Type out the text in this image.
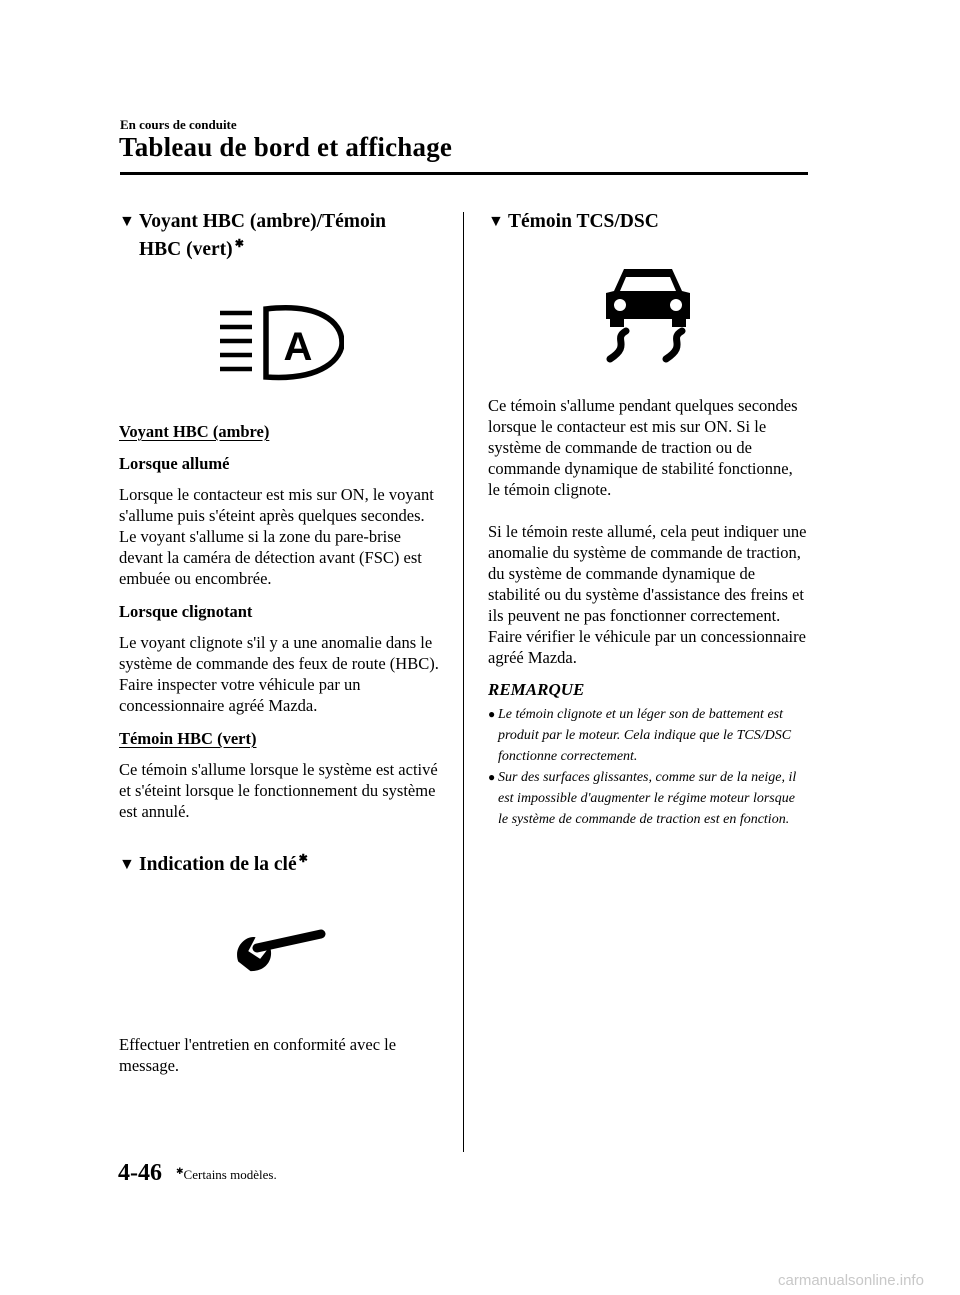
En cours de conduite
Tableau de bord et affichage
▼ Voyant HBC (ambre)/Témoin
HBC (vert) ✱
A
Voyant HBC (ambre)
Lorsque allumé

Lorsque le contacteur est mis sur ON, le voyant s'allume puis s'éteint après quelques secondes. Le voyant s'allume si la zone du pare-brise devant la caméra de détection avant (FSC) est embuée ou encombrée.

Lorsque clignotant

Le voyant clignote s'il y a une anomalie dans le système de commande des feux de route (HBC). Faire inspecter votre véhicule par un concessionnaire agréé Mazda.

Témoin HBC (vert)

Ce témoin s'allume lorsque le système est activé et s'éteint lorsque le fonctionnement du système est annulé.

▼ Indication de la clé ✱

Effectuer l'entretien en conformité avec le message.

▼ Témoin TCS/DSC

Ce témoin s'allume pendant quelques secondes lorsque le contacteur est mis sur ON. Si le système de commande de traction ou de commande dynamique de stabilité fonctionne, le témoin clignote.

Si le témoin reste allumé, cela peut indiquer une anomalie du système de commande de traction, du système de commande dynamique de stabilité ou du système d'assistance des freins et ils peuvent ne pas fonctionner correctement. Faire vérifier le véhicule par un concessionnaire agréé Mazda.

REMARQUE
● Le témoin clignote et un léger son de battement est produit par le moteur. Cela indique que le TCS/DSC fonctionne correctement.
● Sur des surfaces glissantes, comme sur de la neige, il est impossible d'augmenter le régime moteur lorsque le système de commande de traction est en fonction.
4-46 ✱Certains modèles.
carmanualsonline.info
